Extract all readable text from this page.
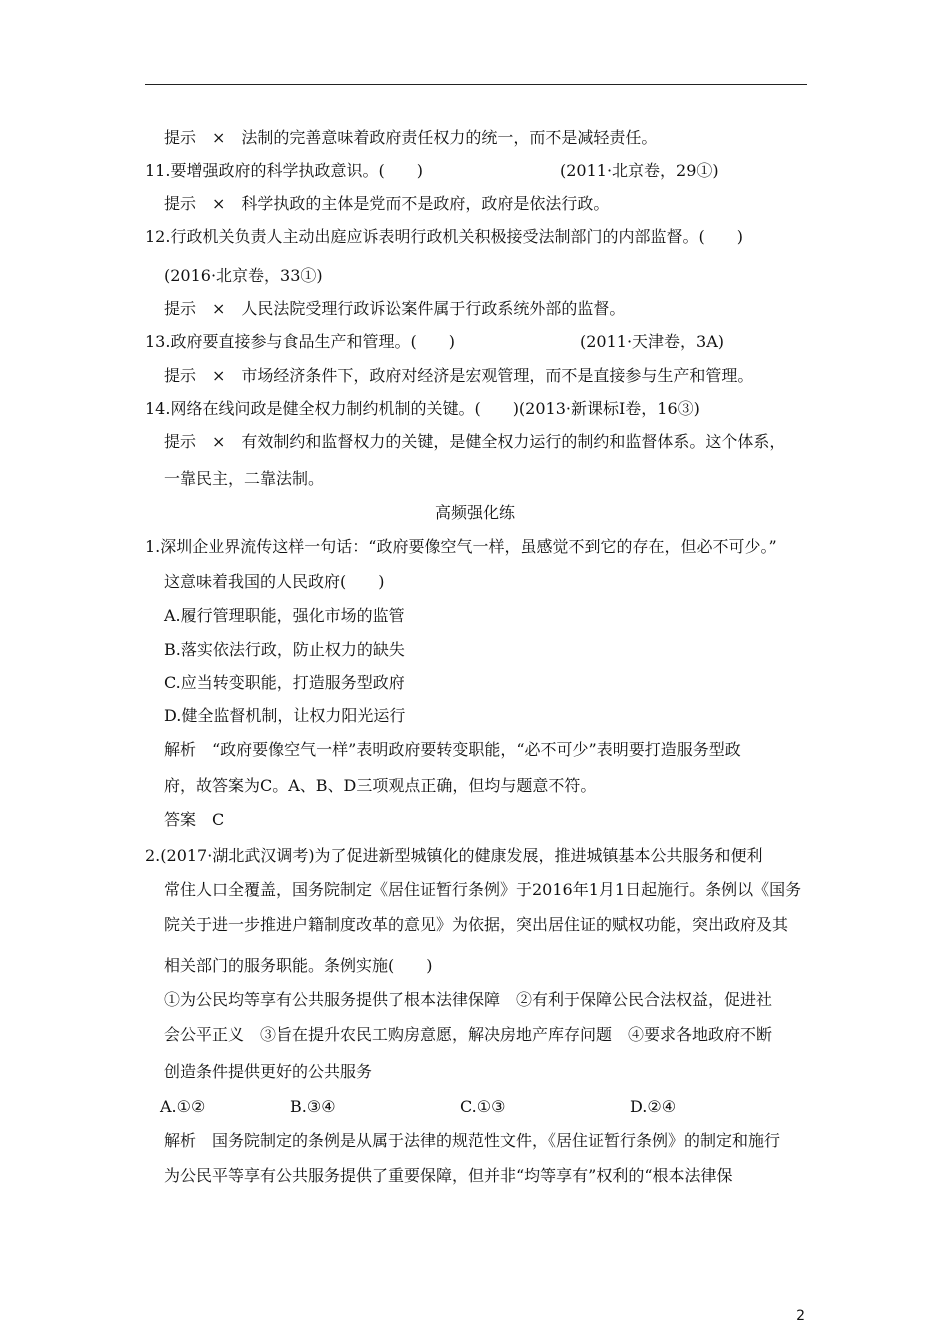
提示　×　法制的完善意味着政府责任权力的统一，而不是减轻责任。
11.要增强政府的科学执政意识。(　　)	(2011·北京卷，29①)
提示　×　科学执政的主体是党而不是政府，政府是依法行政。
12.行政机关负责人主动出庭应诉表明行政机关积极接受法制部门的内部监督。(　　)
(2016·北京卷，33①)
提示　×　人民法院受理行政诉讼案件属于行政系统外部的监督。
13.政府要直接参与食品生产和管理。(　　)	(2011·天津卷，3A)
提示　×　市场经济条件下，政府对经济是宏观管理，而不是直接参与生产和管理。
14.网络在线问政是健全权力制约机制的关键。(　　)(2013·新课标Ⅰ卷，16③)
提示　×　有效制约和监督权力的关键，是健全权力运行的制约和监督体系。这个体系，
一靠民主，二靠法制。
高频强化练
1.深圳企业界流传这样一句话：“政府要像空气一样，虽感觉不到它的存在，但必不可少。”
这意味着我国的人民政府(　　)
A.履行管理职能，强化市场的监管
B.落实依法行政，防止权力的缺失
C.应当转变职能，打造服务型政府
D.健全监督机制，让权力阳光运行
解析　“政府要像空气一样”表明政府要转变职能，“必不可少”表明要打造服务型政
府，故答案为C。A、B、D三项观点正确，但均与题意不符。
答案　C
2.(2017·湖北武汉调考)为了促进新型城镇化的健康发展，推进城镇基本公共服务和便利
常住人口全覆盖，国务院制定《居住证暂行条例》于2016年1月1日起施行。条例以《国务
院关于进一步推进户籍制度改革的意见》为依据，突出居住证的赋权功能，突出政府及其
相关部门的服务职能。条例实施(　　)
①为公民均等享有公共服务提供了根本法律保障　②有利于保障公民合法权益，促进社
会公平正义　③旨在提升农民工购房意愿，解决房地产库存问题　④要求各地政府不断
创造条件提供更好的公共服务
A.①②	B.③④	C.①③	D.②④
解析　国务院制定的条例是从属于法律的规范性文件，《居住证暂行条例》的制定和施行
为公民平等享有公共服务提供了重要保障，但并非“均等享有”权利的“根本法律保
2
